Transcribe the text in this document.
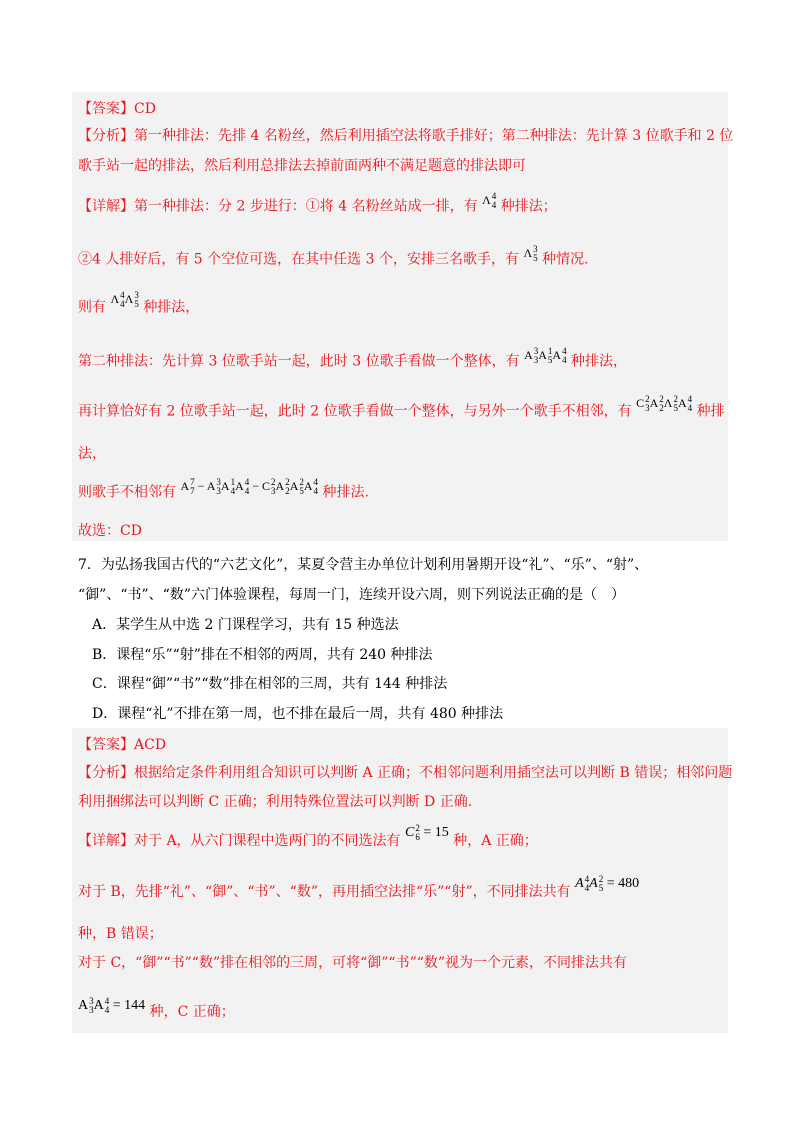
【答案】CD
【分析】第一种排法：先排 4 名粉丝，然后利用插空法将歌手排好；第二种排法：先计算 3 位歌手和 2 位
歌手站一起的排法，然后利用总排法去掉前面两种不满足题意的排法即可
【详解】第一种排法：分 2 步进行：①将 4 名粉丝站成一排，有 Λ 4
4 种排法；
②4 人排好后，有 5 个空位可选，在其中任选 3 个，安排三名歌手，有 Λ 3
5 种情况.
则有 Λ 4
4 Λ 3
5 种排法，
第二种排法：先计算 3 位歌手站一起，此时 3 位歌手看做一个整体，有 A 3
3 A 1
5 A 4
4 种排法，
再计算恰好有 2 位歌手站一起，此时 2 位歌手看做一个整体，与另外一个歌手不相邻，有 C 2
3 A 2
2 Λ 2
5 A 4
4 种排
法，
则歌手不相邻有 A 7
7 − A 3
3 A 1
4 A 4
4 − C 2
3 A 2
2 A 2
5 A 4
4 种排法.
故选：CD
7．为弘扬我国古代的“六艺文化”，某夏令营主办单位计划利用暑期开设“礼”、“乐”、“射”、
“御”、“书”、“数”六门体验课程，每周一门，连续开设六周，则下列说法正确的是（　）
A．某学生从中选 2 门课程学习，共有 15 种选法
B．课程“乐”“射”排在不相邻的两周，共有 240 种排法
C．课程“御”“书”“数”排在相邻的三周，共有 144 种排法
D．课程“礼”不排在第一周，也不排在最后一周，共有 480 种排法
【答案】ACD
【分析】根据给定条件利用组合知识可以判断 A 正确；不相邻问题利用插空法可以判断 B 错误；相邻问题
利用捆绑法可以判断 C 正确；利用特殊位置法可以判断 D 正确.
【详解】对于 A，从六门课程中选两门的不同选法有 C 2
6 = 15 种，A 正确；
对于 B，先排“礼”、“御”、“书”、“数”，再用插空法排“乐”“射”，不同排法共有 A 4
4 A 2
5 = 480
种，B 错误；
对于 C，“御”“书”“数”排在相邻的三周，可将“御”“书”“数”视为一个元素，不同排法共有
A 3
3 A 4
4 = 144 种，C 正确；
